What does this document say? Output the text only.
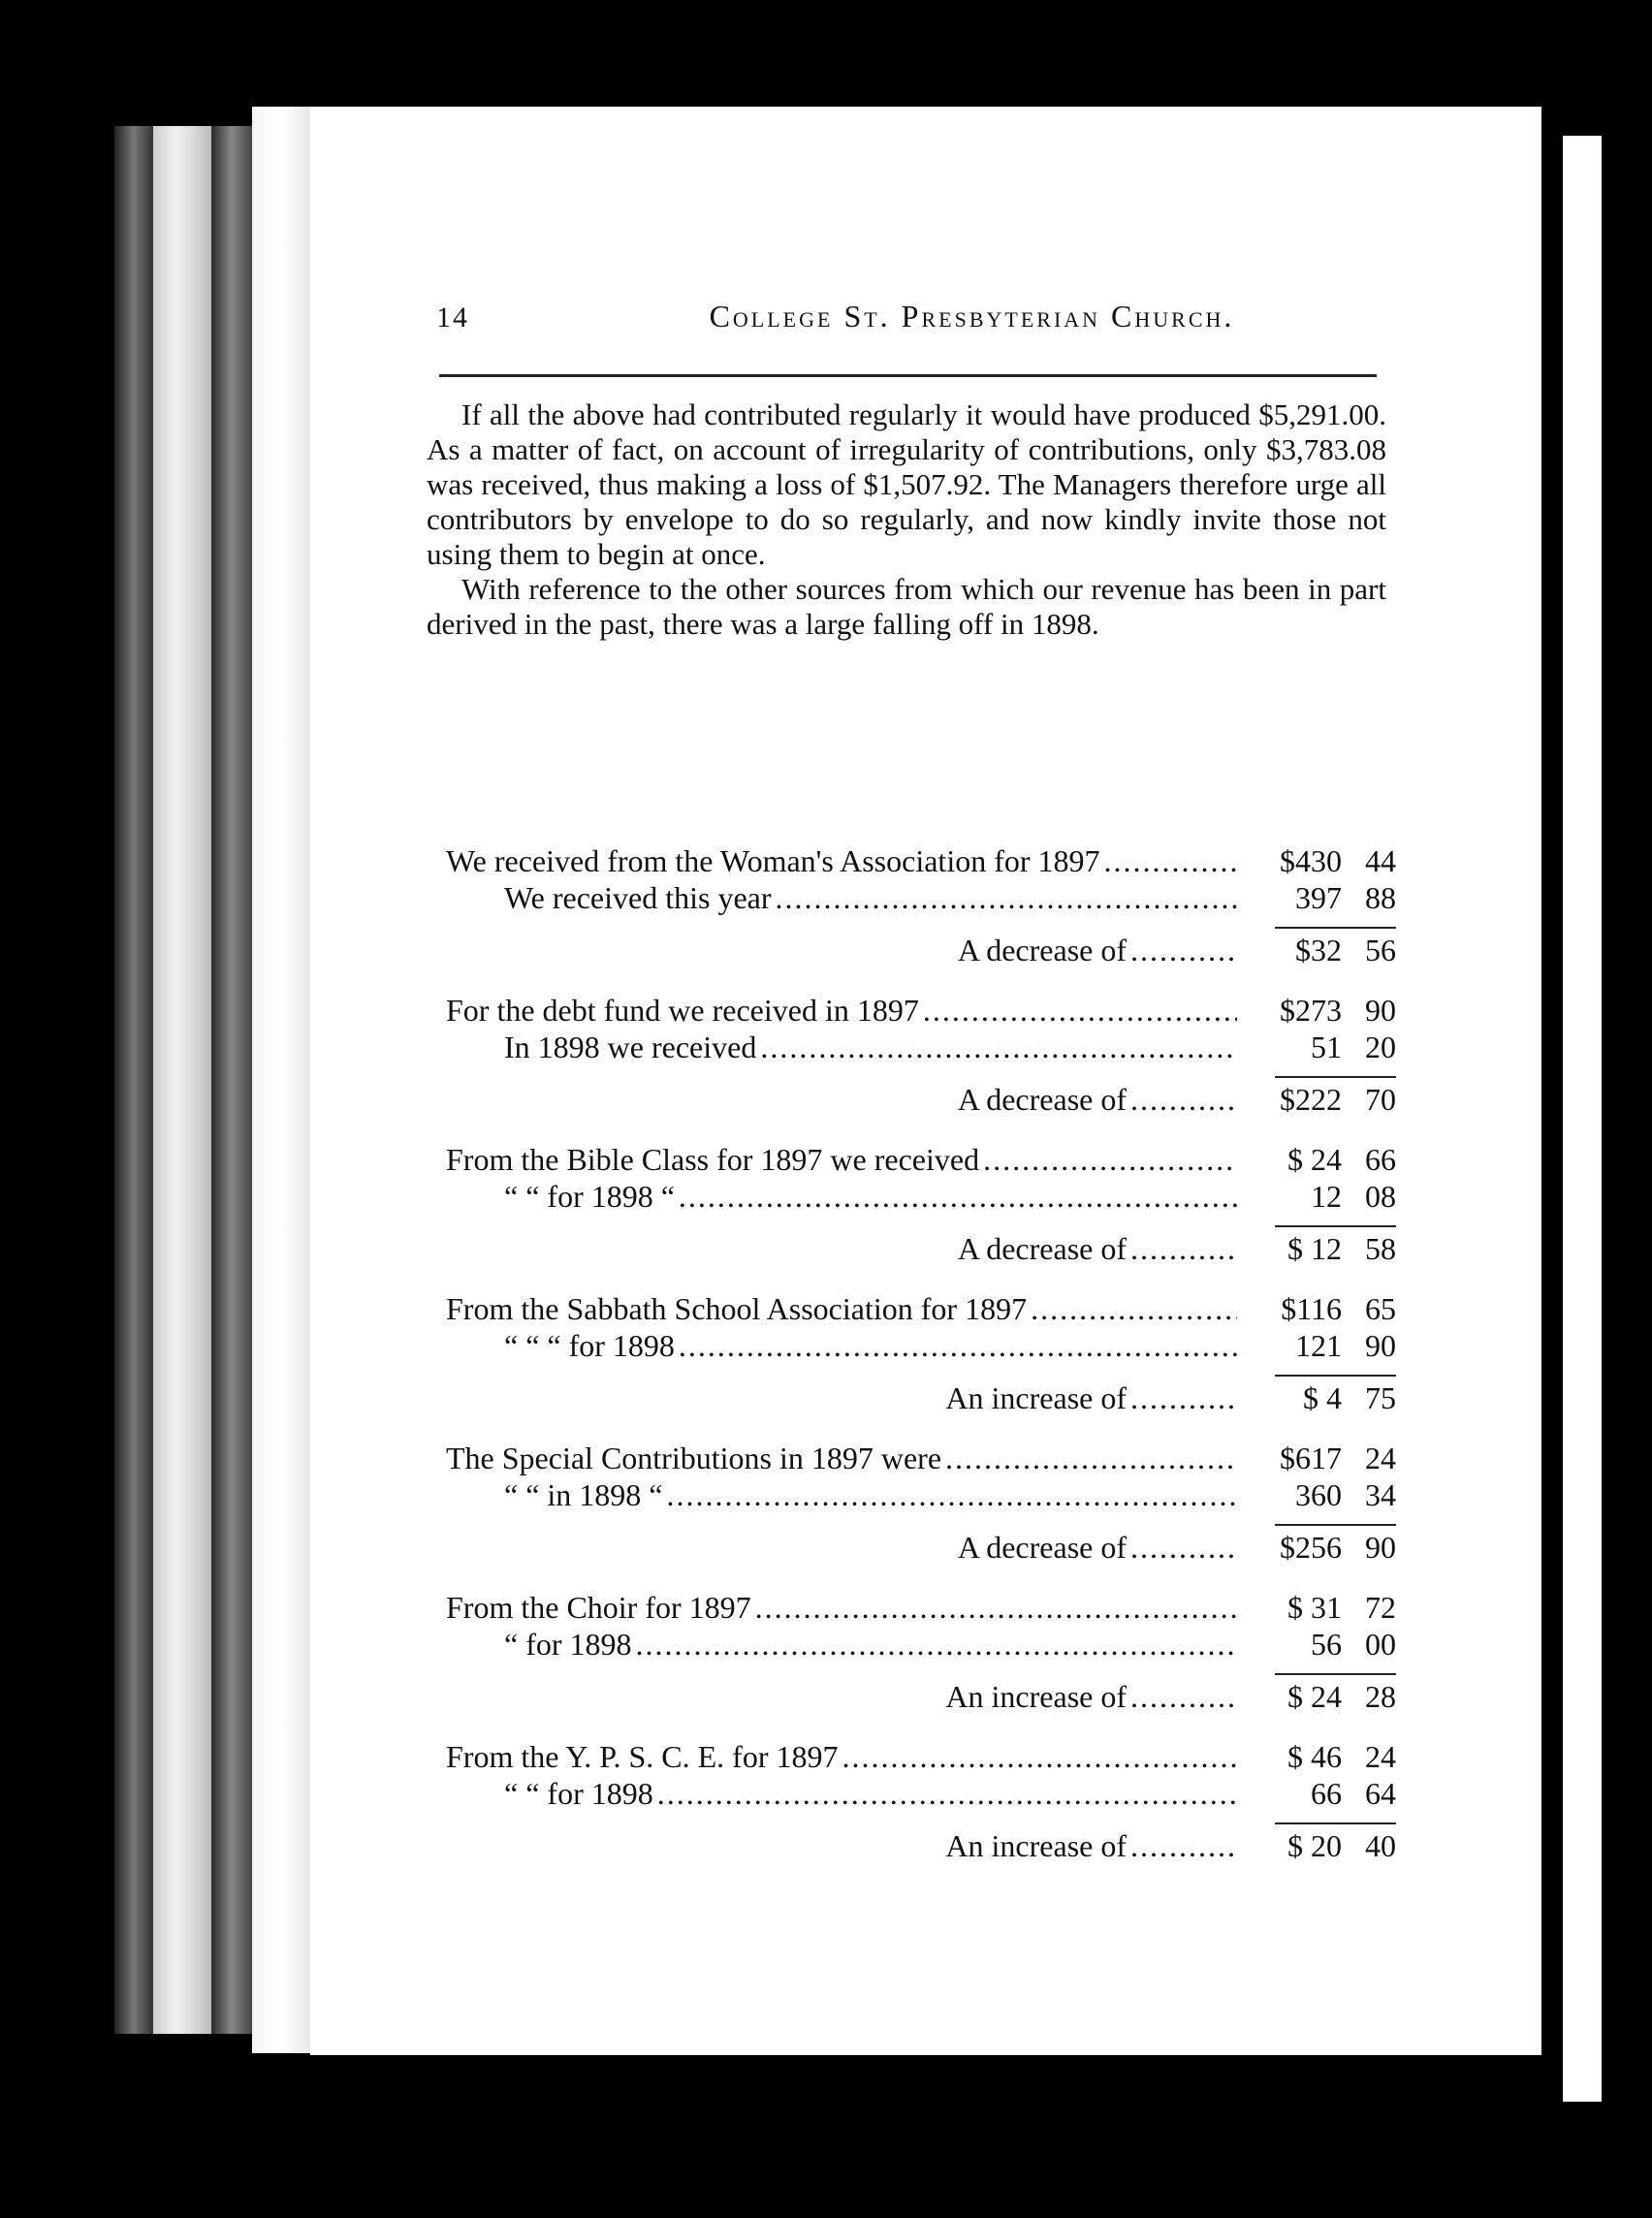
14	College St. Presbyterian Church.

If all the above had contributed regularly it would have produced $5,291.00. As a matter of fact, on account of irregularity of contributions, only $3,783.08 was received, thus making a loss of $1,507.92. The Managers therefore urge all contributors by envelope to do so regularly, and now kindly invite those not using them to begin at once.

With reference to the other sources from which our revenue has been in part derived in the past, there was a large falling off in 1898.

We received from the Woman's Association for 1897 .....	$430 44
We received this year .....	397 88
A decrease of .....	$32 56
For the debt fund we received in 1897 .....	$273 90
In 1898 we received .....	51 20
A decrease of .....	$222 70
From the Bible Class for 1897 we received .....	$ 24 66
“ “ for 1898 “ .....	12 08
A decrease of .....	$ 12 58
From the Sabbath School Association for 1897 .....	$116 65
“ “ “ for 1898 .....	121 90
An increase of .....	$ 4 75
The Special Contributions in 1897 were .....	$617 24
“ “ in 1898 “ .....	360 34
A decrease of .....	$256 90
From the Choir for 1897 .....	$ 31 72
“ for 1898 .....	56 00
An increase of .....	$ 24 28
From the Y. P. S. C. E. for 1897 .....	$ 46 24
“ “ for 1898 .....	66 64
An increase of .....	$ 20 40
